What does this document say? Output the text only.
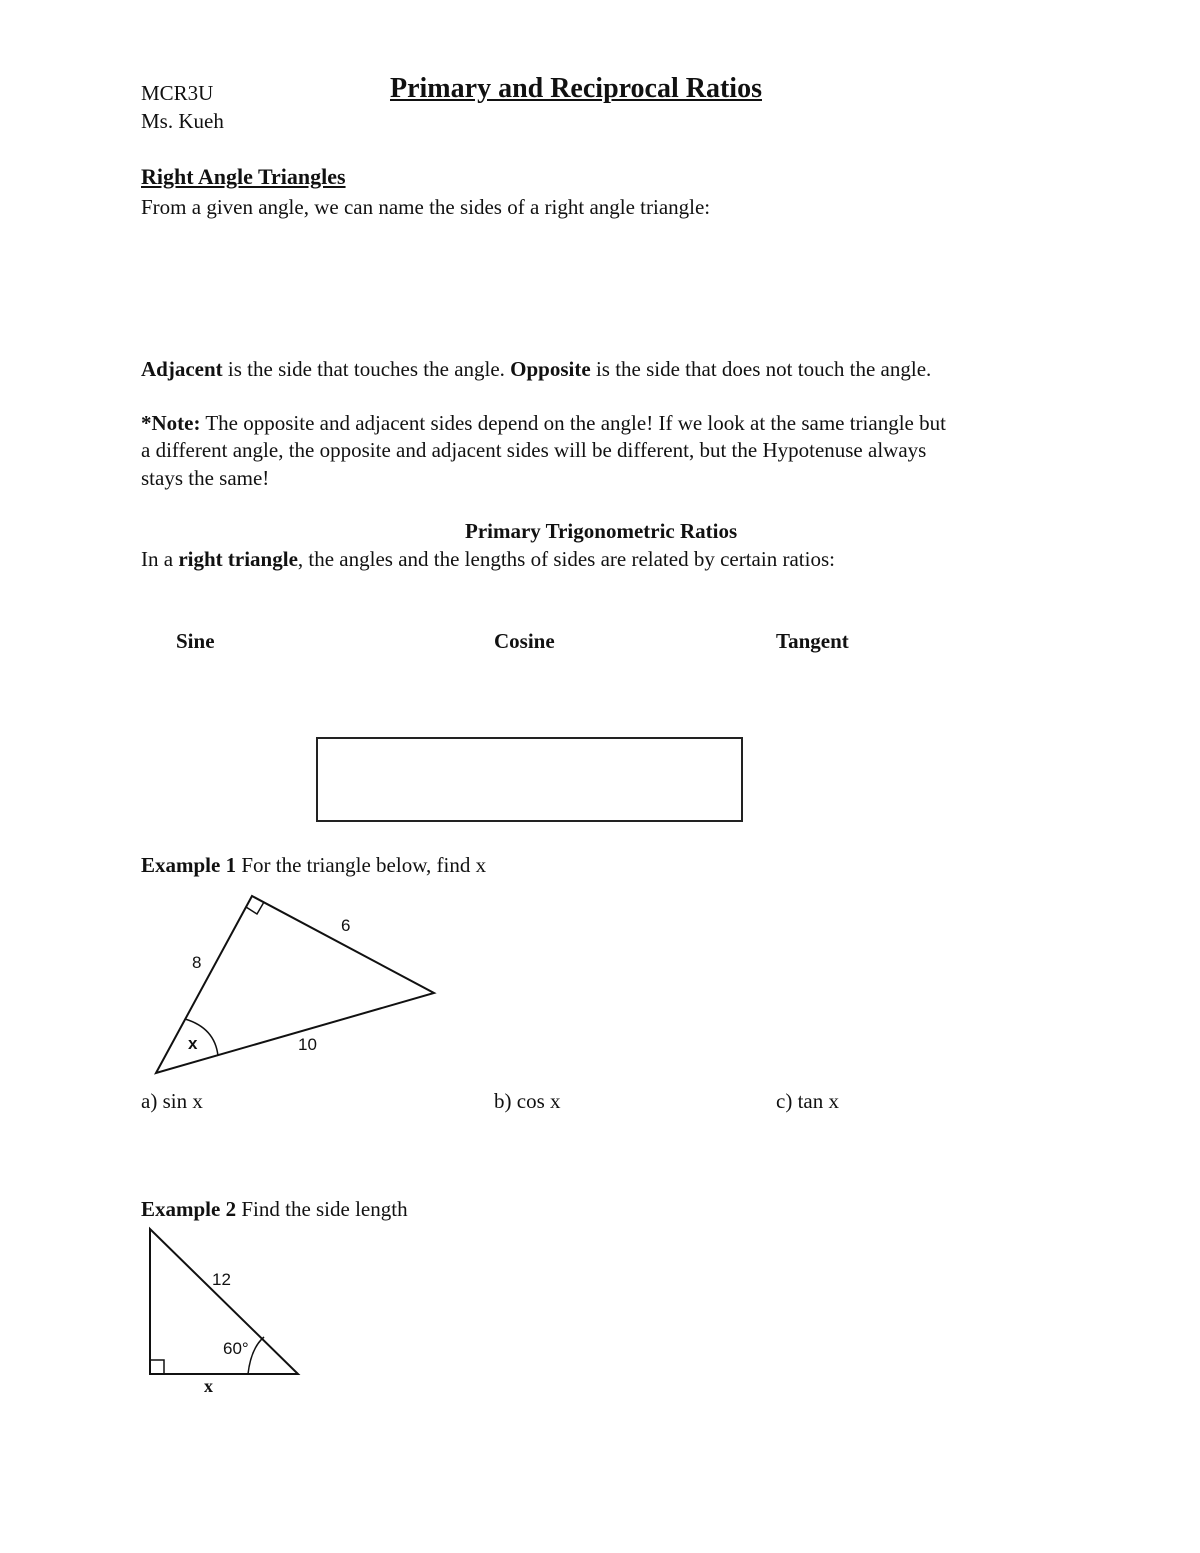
MCR3U	Primary and Reciprocal Ratios
Ms. Kueh
Right Angle Triangles
From a given angle, we can name the sides of a right angle triangle:
Adjacent is the side that touches the angle. Opposite is the side that does not touch the angle.
*Note: The opposite and adjacent sides depend on the angle! If we look at the same triangle but
a different angle, the opposite and adjacent sides will be different, but the Hypotenuse always
stays the same!
Primary Trigonometric Ratios
In a right triangle, the angles and the lengths of sides are related by certain ratios:
Sine	Cosine	Tangent
Example 1 For the triangle below, find x
8
6
10
x
12
60°
x
a) sin x	b) cos x	c) tan x
Example 2 Find the side length
